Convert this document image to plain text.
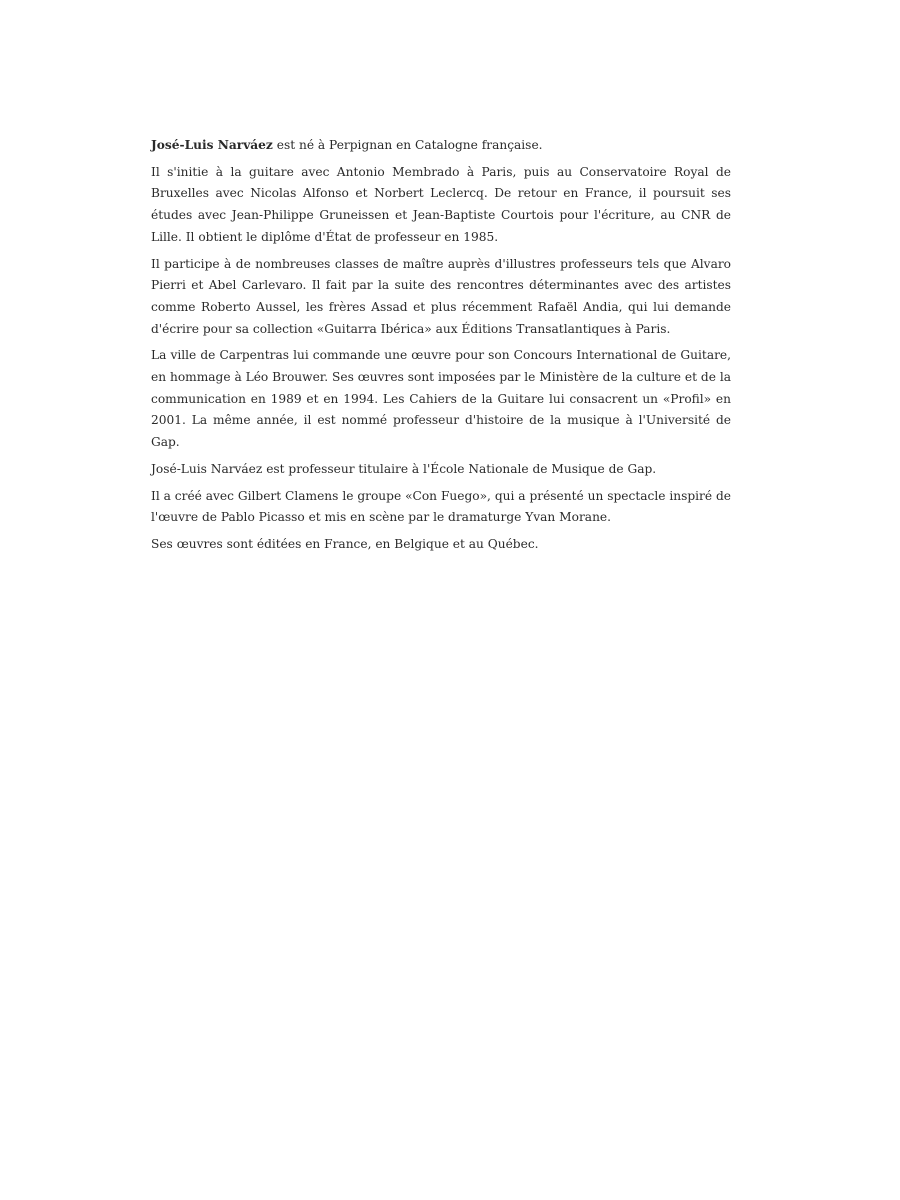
José-Luis Narváez est né à Perpignan en Catalogne française.

Il s'initie à la guitare avec Antonio Membrado à Paris, puis au Conservatoire Royal de Bruxelles avec Nicolas Alfonso et Norbert Leclercq. De retour en France, il poursuit ses études avec Jean-Philippe Gruneissen et Jean-Baptiste Courtois pour l'écriture, au CNR de Lille. Il obtient le diplôme d'État de professeur en 1985.

Il participe à de nombreuses classes de maître auprès d'illustres professeurs tels que Alvaro Pierri et Abel Carlevaro. Il fait par la suite des rencontres déterminantes avec des artistes comme Roberto Aussel, les frères Assad et plus récemment Rafaël Andia, qui lui demande d'écrire pour sa collection «Guitarra Ibérica» aux Éditions Transatlantiques à Paris.

La ville de Carpentras lui commande une œuvre pour son Concours International de Guitare, en hommage à Léo Brouwer. Ses œuvres sont imposées par le Ministère de la culture et de la communication en 1989 et en 1994. Les Cahiers de la Guitare lui consacrent un «Profil» en 2001. La même année, il est nommé professeur d'histoire de la musique à l'Université de Gap.

José-Luis Narváez est professeur titulaire à l'École Nationale de Musique de Gap.

Il a créé avec Gilbert Clamens le groupe «Con Fuego», qui a présenté un spectacle inspiré de l'œuvre de Pablo Picasso et mis en scène par le dramaturge Yvan Morane.

Ses œuvres sont éditées en France, en Belgique et au Québec.
